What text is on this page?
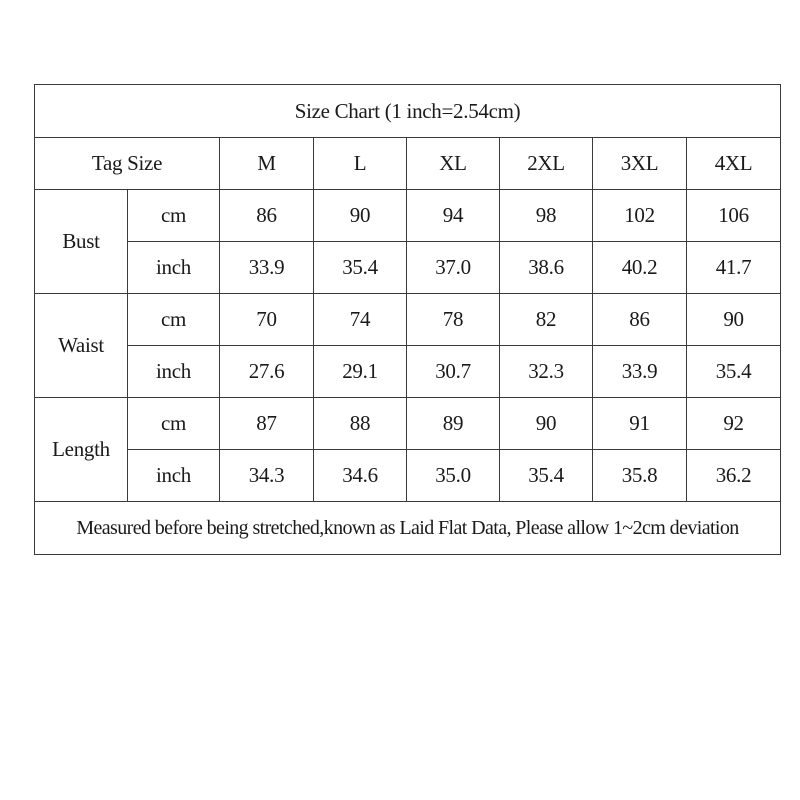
Size Chart (1 inch=2.54cm)							
Tag Size		M	L	XL	2XL	3XL	4XL
Bust	cm	86	90	94	98	102	106
	inch	33.9	35.4	37.0	38.6	40.2	41.7
Waist	cm	70	74	78	82	86	90
	inch	27.6	29.1	30.7	32.3	33.9	35.4
Length	cm	87	88	89	90	91	92
	inch	34.3	34.6	35.0	35.4	35.8	36.2
Measured before being stretched,known as Laid Flat Data, Please allow 1~2cm deviation							
